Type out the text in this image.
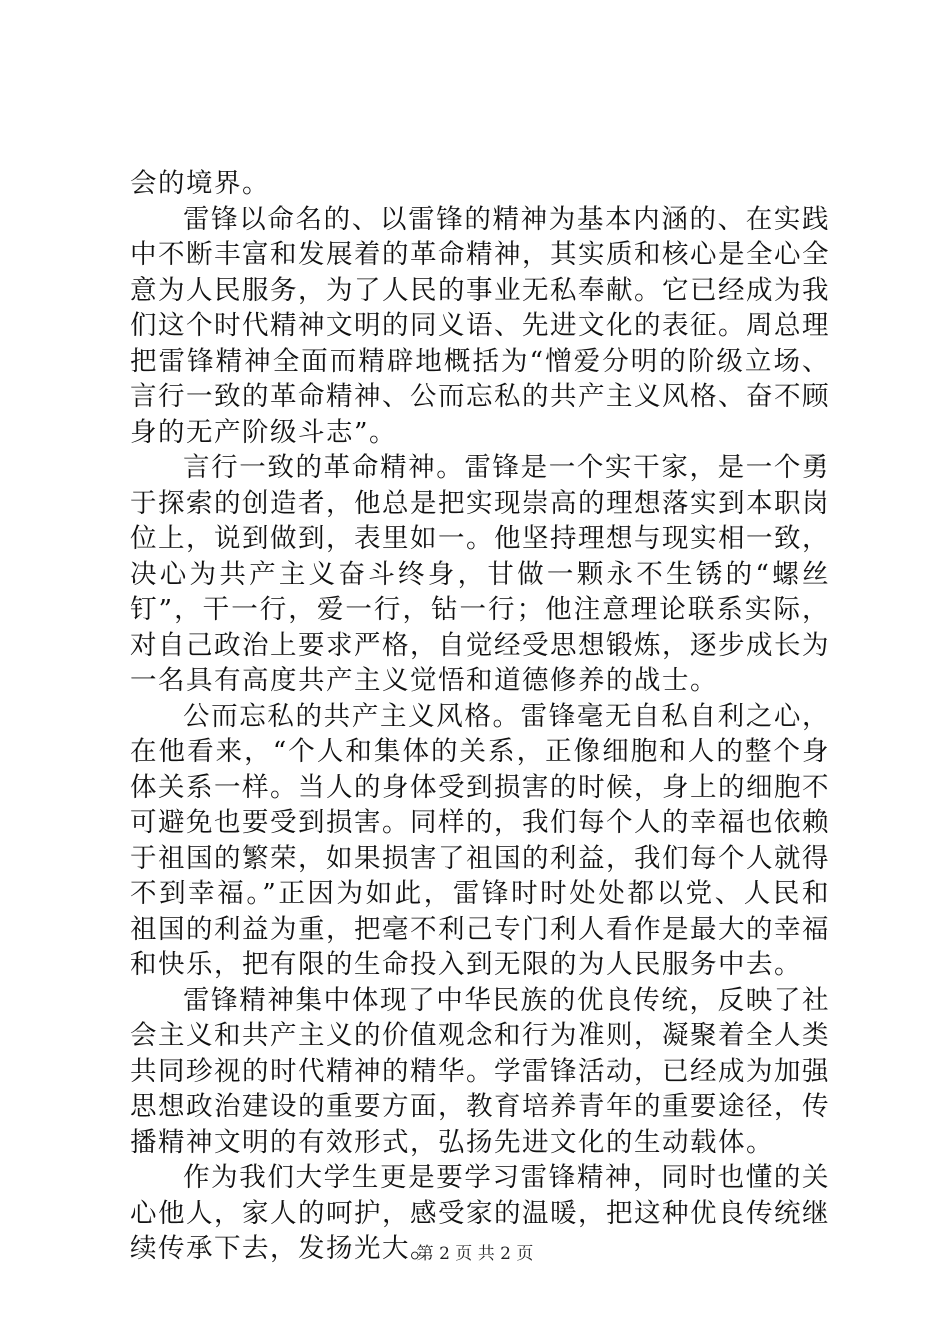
会的境界。

雷锋以命名的、以雷锋的精神为基本内涵的、在实践中不断丰富和发展着的革命精神，其实质和核心是全心全意为人民服务，为了人民的事业无私奉献。它已经成为我们这个时代精神文明的同义语、先进文化的表征。周总理把雷锋精神全面而精辟地概括为“憎爱分明的阶级立场、言行一致的革命精神、公而忘私的共产主义风格、奋不顾身的无产阶级斗志”。

言行一致的革命精神。雷锋是一个实干家，是一个勇于探索的创造者，他总是把实现崇高的理想落实到本职岗位上，说到做到，表里如一。他坚持理想与现实相一致，决心为共产主义奋斗终身，甘做一颗永不生锈的“螺丝钉”，干一行，爱一行，钻一行；他注意理论联系实际，对自己政治上要求严格，自觉经受思想锻炼，逐步成长为一名具有高度共产主义觉悟和道德修养的战士。

公而忘私的共产主义风格。雷锋毫无自私自利之心，在他看来，“个人和集体的关系，正像细胞和人的整个身体关系一样。当人的身体受到损害的时候，身上的细胞不可避免也要受到损害。同样的，我们每个人的幸福也依赖于祖国的繁荣，如果损害了祖国的利益，我们每个人就得不到幸福。”正因为如此，雷锋时时处处都以党、人民和祖国的利益为重，把毫不利己专门利人看作是最大的幸福和快乐，把有限的生命投入到无限的为人民服务中去。

雷锋精神集中体现了中华民族的优良传统，反映了社会主义和共产主义的价值观念和行为准则，凝聚着全人类共同珍视的时代精神的精华。学雷锋活动，已经成为加强思想政治建设的重要方面，教育培养青年的重要途径，传播精神文明的有效形式，弘扬先进文化的生动载体。

作为我们大学生更是要学习雷锋精神，同时也懂的关心他人，家人的呵护，感受家的温暖，把这种优良传统继续传承下去，发扬光大。

第 2 页 共 2 页
